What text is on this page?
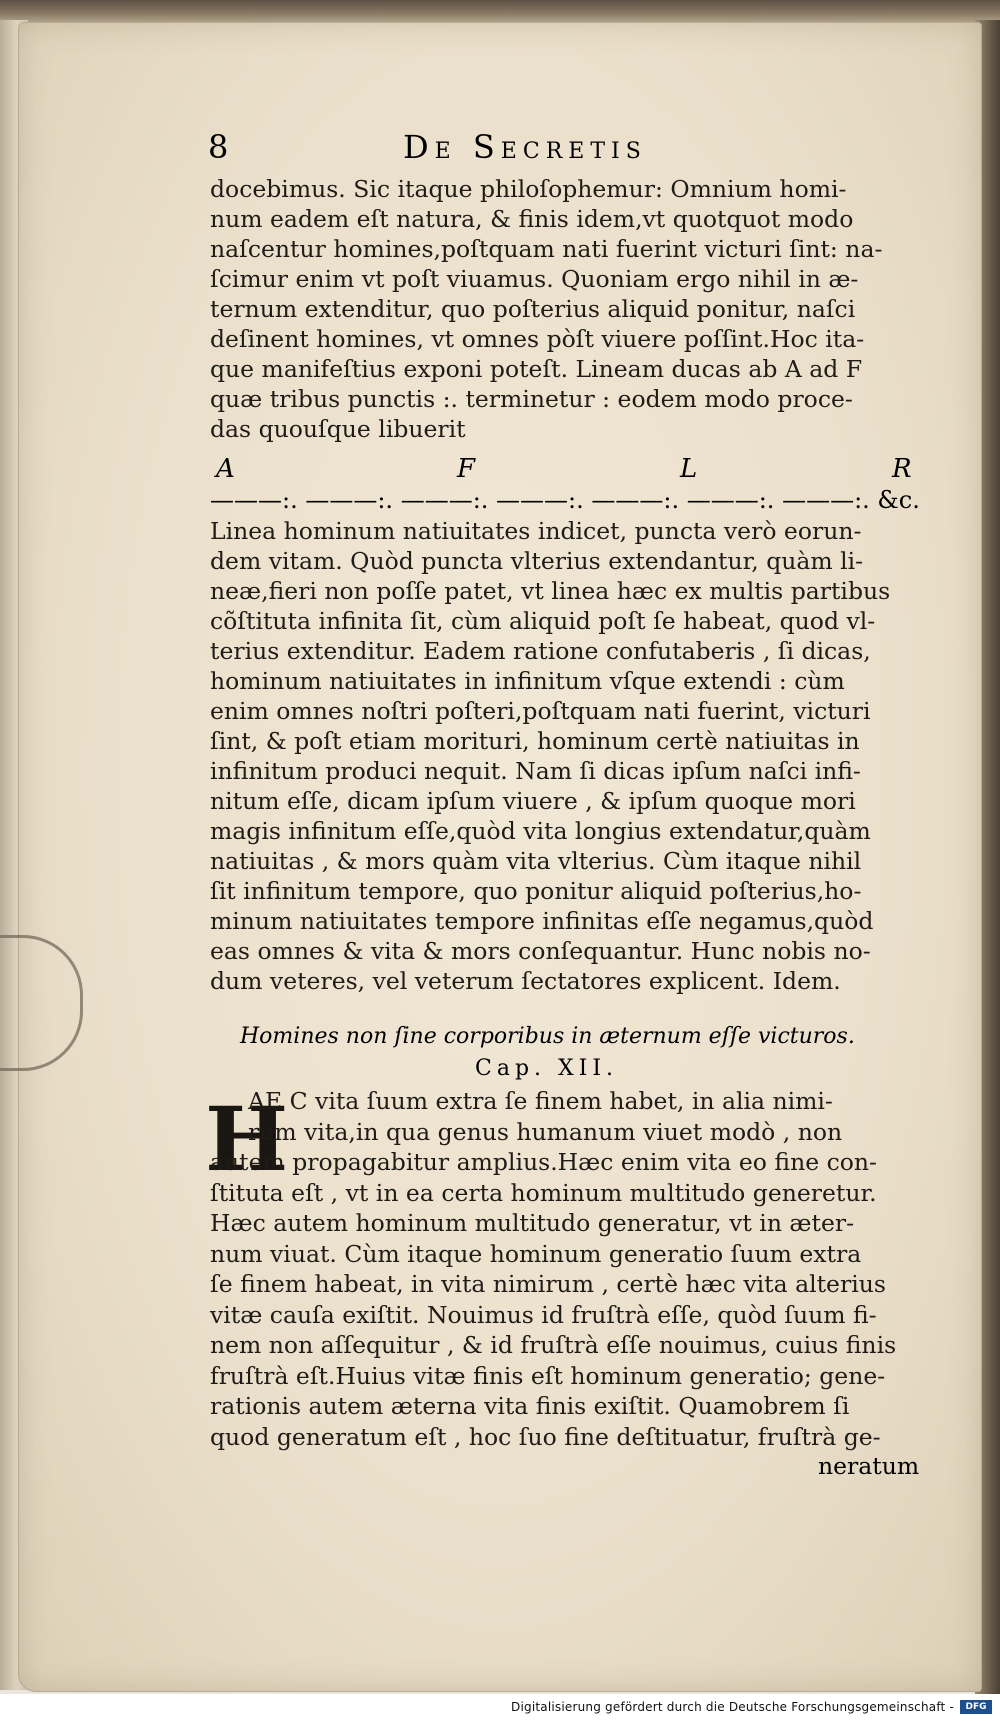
8	De Secretis
docebimus. Sic itaque philoſophemur: Omnium homi-
num eadem eſt natura, & finis idem,vt quotquot modo
naſcentur homines,poſtquam nati fuerint victuri ſint: na-
ſcimur enim vt poſt viuamus. Quoniam ergo nihil in æ-
ternum extenditur, quo poſterius aliquid ponitur, naſci
deſinent homines, vt omnes pòſt viuere poſſint.Hoc ita-
que manifeſtius exponi poteſt. Lineam ducas ab A ad F
quæ tribus punctis :. terminetur : eodem modo proce-
das quouſque libuerit
A	F	L	R
———:. ———:. ———:. ———:. ———:. ———:. ———:. &c.
Linea hominum natiuitates indicet, puncta verò eorun-
dem vitam. Quòd puncta vlterius extendantur, quàm li-
neæ,fieri non poſſe patet, vt linea hæc ex multis partibus
cõſtituta infinita ſit, cùm aliquid poſt ſe habeat, quod vl-
terius extenditur. Eadem ratione confutaberis , ſi dicas,
hominum natiuitates in infinitum vſque extendi : cùm
enim omnes noſtri poſteri,poſtquam nati fuerint, victuri
ſint, & poſt etiam morituri, hominum certè natiuitas in
infinitum produci nequit. Nam ſi dicas ipſum naſci infi-
nitum eſſe, dicam ipſum viuere , & ipſum quoque mori
magis infinitum eſſe,quòd vita longius extendatur,quàm
natiuitas , & mors quàm vita vlterius. Cùm itaque nihil
ſit infinitum tempore, quo ponitur aliquid poſterius,ho-
minum natiuitates tempore infinitas eſſe negamus,quòd
eas omnes & vita & mors conſequantur. Hunc nobis no-
dum veteres, vel veterum ſectatores explicent. Idem.
Homines non ſine corporibus in æternum eſſe victuros.
Cap. XII.
H
AE C vita ſuum extra ſe finem habet, in alia nimi-
rum vita,in qua genus humanum viuet modò , non
autem propagabitur amplius.Hæc enim vita eo fine con-
ſtituta eſt , vt in ea certa hominum multitudo generetur.
Hæc autem hominum multitudo generatur, vt in æter-
num viuat. Cùm itaque hominum generatio ſuum extra
ſe finem habeat, in vita nimirum , certè hæc vita alterius
vitæ cauſa exiſtit. Nouimus id fruſtrà eſſe, quòd ſuum fi-
nem non aſſequitur , & id fruſtrà eſſe nouimus, cuius finis
fruſtrà eſt.Huius vitæ finis eſt hominum generatio; gene-
rationis autem æterna vita finis exiſtit. Quamobrem ſi
quod generatum eſt , hoc ſuo fine deſtituatur, fruſtrà ge-
neratum
Digitalisierung gefördert durch die Deutsche Forschungsgemeinschaft -	DFG
